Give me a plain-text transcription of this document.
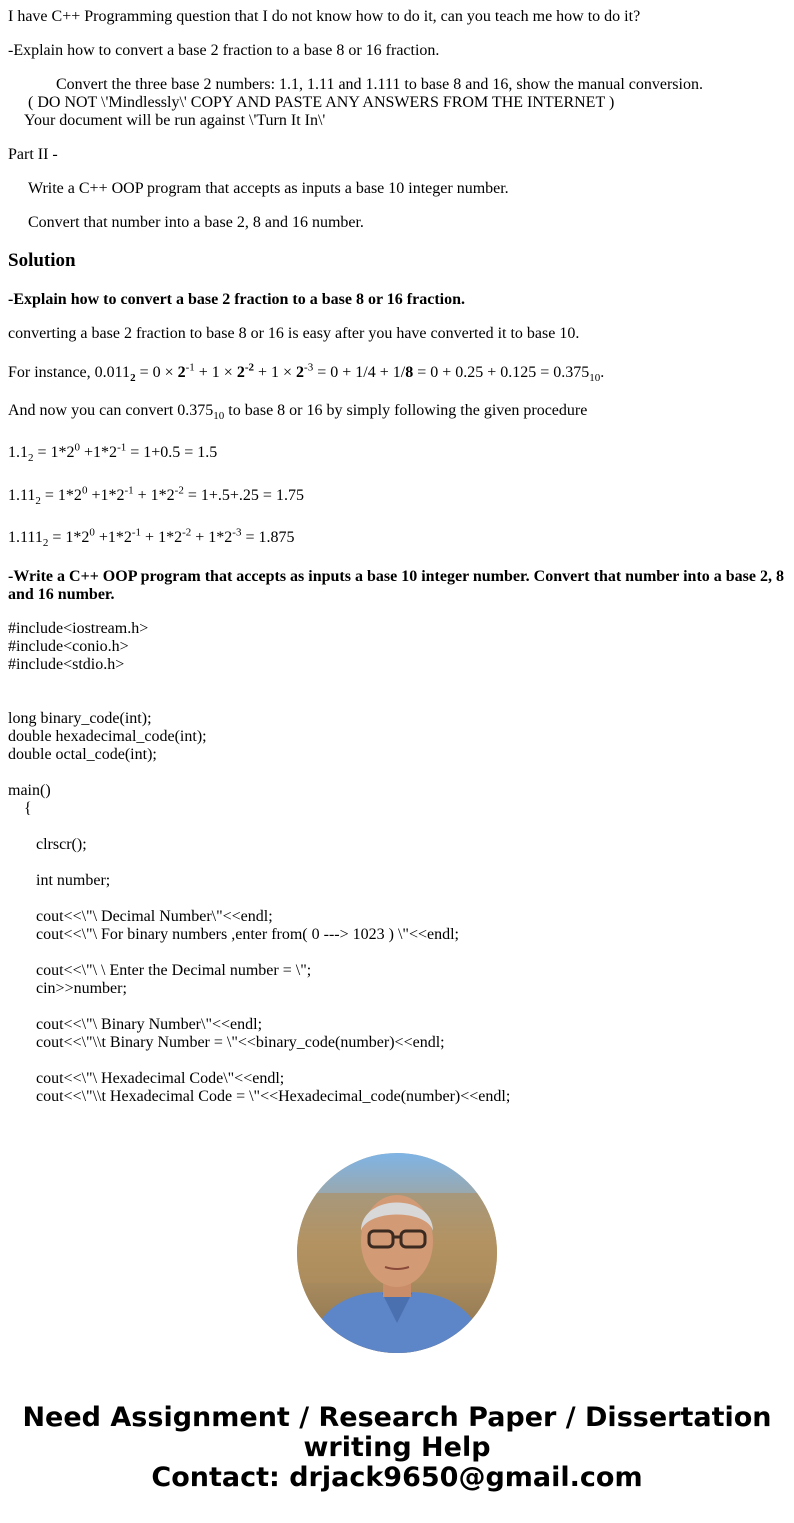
I have C++ Programming question that I do not know how to do it, can you teach me how to do it?
-Explain how to convert a base 2 fraction to a base 8 or 16 fraction.
Convert the three base 2 numbers: 1.1, 1.11 and 1.111 to base 8 and 16, show the manual conversion.
( DO NOT \'Mindlessly\' COPY AND PASTE ANY ANSWERS FROM THE INTERNET )
Your document will be run against \'Turn It In\'
Part II -
Write a C++ OOP program that accepts as inputs a base 10 integer number.
Convert that number into a base 2, 8 and 16 number.
Solution
-Explain how to convert a base 2 fraction to a base 8 or 16 fraction.
converting a base 2 fraction to base 8 or 16 is easy after you have converted it to base 10.
For instance, $0.011_2 = 0 \times 2^{-1} + 1 \times 2^{-2} + 1 \times 2^{-3} = 0 + 1/4 + 1/8 = 0 + 0.25 + 0.125 = 0.375_{10}$.
And now you can convert $0.375_{10}$ to base 8 or 16 by simply following the given procedure
$1.1_2 = 1*2^0 +1*2^{-1} = 1+0.5 = 1.5$
$1.11_2 = 1*2^0 +1*2^{-1} + 1*2^{-2} = 1+.5+.25 = 1.75$
$1.111_2 = 1*2^0 +1*2^{-1} + 1*2^{-2} + 1*2^{-3} = 1.875$
-Write a C++ OOP program that accepts as inputs a base 10 integer number. Convert that number into a base 2, 8
and 16 number.
#include<iostream.h>
#include<conio.h>
#include<stdio.h>
long binary_code(int);
double hexadecimal_code(int);
double octal_code(int);
main()
{
clrscr();
int number;
cout<<\"\ Decimal Number\"<<endl;
cout<<\"\ For binary numbers ,enter from( 0 ---> 1023 ) \"<<endl;
cout<<\"\ \ Enter the Decimal number = \";
cin>>number;
cout<<\"\ Binary Number\"<<endl;
cout<<\"\\t Binary Number = \"<<binary_code(number)<<endl;
cout<<\"\ Hexadecimal Code\"<<endl;
cout<<\"\\t Hexadecimal Code = \"<<Hexadecimal_code(number)<<endl;
Need Assignment / Research Paper / Dissertation
writing Help
Contact: drjack9650@gmail.com
